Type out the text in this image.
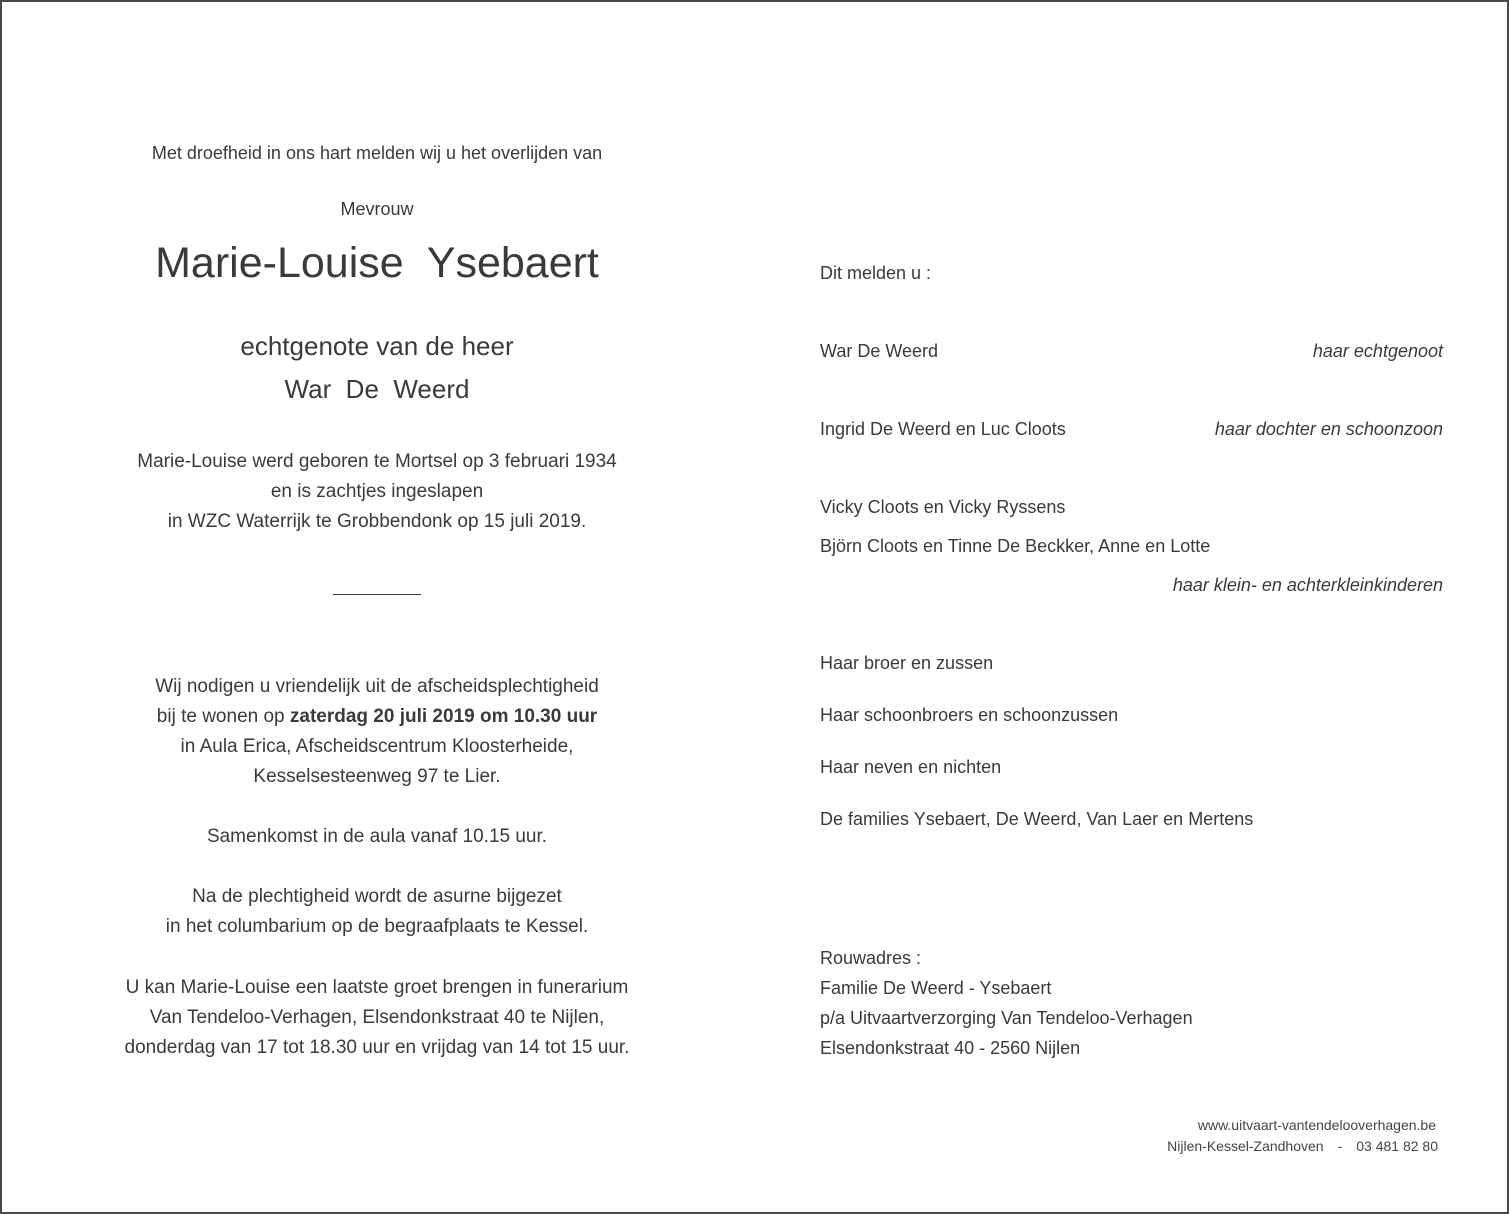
Met droefheid in ons hart melden wij u het overlijden van
Mevrouw
Marie-Louise  Ysebaert
echtgenote van de heer
War  De  Weerd
Marie-Louise werd geboren te Mortsel op 3 februari 1934
en is zachtjes ingeslapen
in WZC Waterrijk te Grobbendonk op 15 juli 2019.
Wij nodigen u vriendelijk uit de afscheidsplechtigheid
bij te wonen op zaterdag 20 juli 2019 om 10.30 uur
in Aula Erica, Afscheidscentrum Kloosterheide,
Kesselsesteenweg 97 te Lier.
Samenkomst in de aula vanaf 10.15 uur.
Na de plechtigheid wordt de asurne bijgezet
in het columbarium op de begraafplaats te Kessel.
U kan Marie-Louise een laatste groet brengen in funerarium
Van Tendeloo-Verhagen, Elsendonkstraat 40 te Nijlen,
donderdag van 17 tot 18.30 uur en vrijdag van 14 tot 15 uur.
Dit melden u :
War De Weerd	haar echtgenoot
Ingrid De Weerd en Luc Cloots	haar dochter en schoonzoon
Vicky Cloots en Vicky Ryssens
Björn Cloots en Tinne De Beckker, Anne en Lotte
haar klein- en achterkleinkinderen
Haar broer en zussen
Haar schoonbroers en schoonzussen
Haar neven en nichten
De families Ysebaert, De Weerd, Van Laer en Mertens
Rouwadres :
Familie De Weerd - Ysebaert
p/a Uitvaartverzorging Van Tendeloo-Verhagen
Elsendonkstraat 40 - 2560 Nijlen
www.uitvaart-vantendelooverhagen.be
Nijlen-Kessel-Zandhoven - 03 481 82 80
